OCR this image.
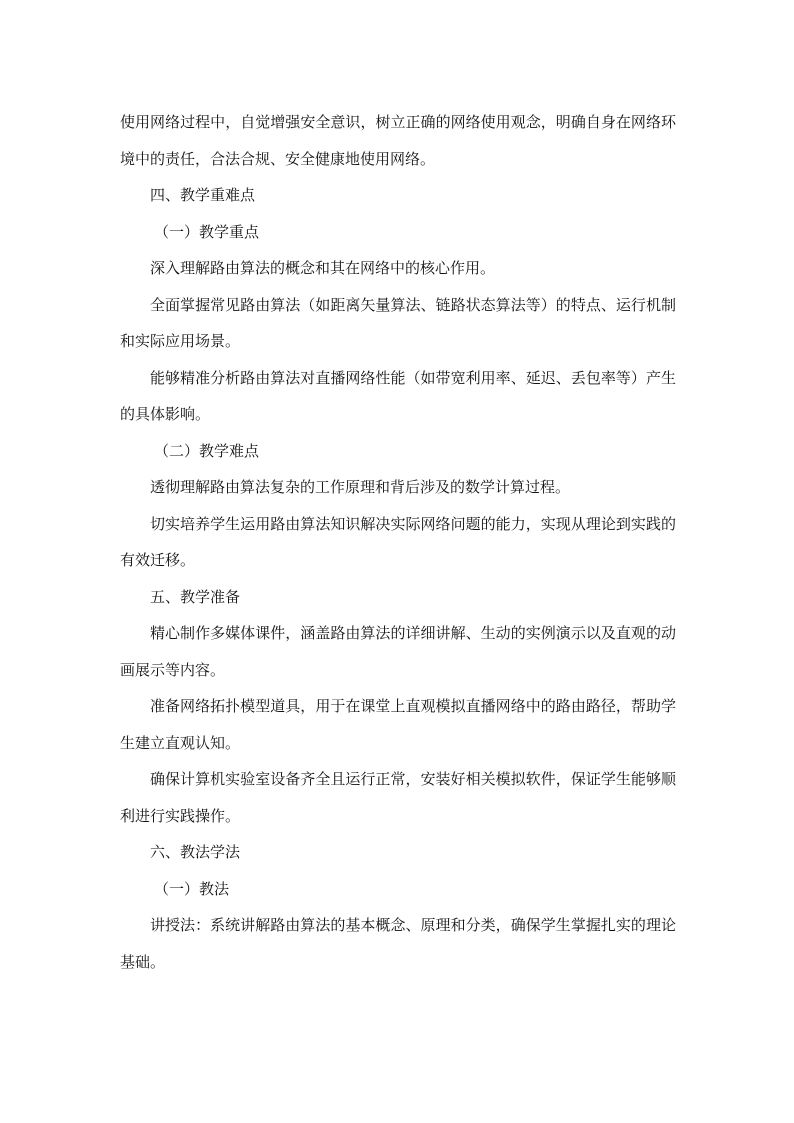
使用网络过程中，自觉增强安全意识，树立正确的网络使用观念，明确自身在网络环境中的责任，合法合规、安全健康地使用网络。

四、教学重难点

（一）教学重点

深入理解路由算法的概念和其在网络中的核心作用。

全面掌握常见路由算法（如距离矢量算法、链路状态算法等）的特点、运行机制和实际应用场景。

能够精准分析路由算法对直播网络性能（如带宽利用率、延迟、丢包率等）产生的具体影响。

（二）教学难点

透彻理解路由算法复杂的工作原理和背后涉及的数学计算过程。

切实培养学生运用路由算法知识解决实际网络问题的能力，实现从理论到实践的有效迁移。

五、教学准备

精心制作多媒体课件，涵盖路由算法的详细讲解、生动的实例演示以及直观的动画展示等内容。

准备网络拓扑模型道具，用于在课堂上直观模拟直播网络中的路由路径，帮助学生建立直观认知。

确保计算机实验室设备齐全且运行正常，安装好相关模拟软件，保证学生能够顺利进行实践操作。

六、教法学法

（一）教法

讲授法：系统讲解路由算法的基本概念、原理和分类，确保学生掌握扎实的理论基础。
